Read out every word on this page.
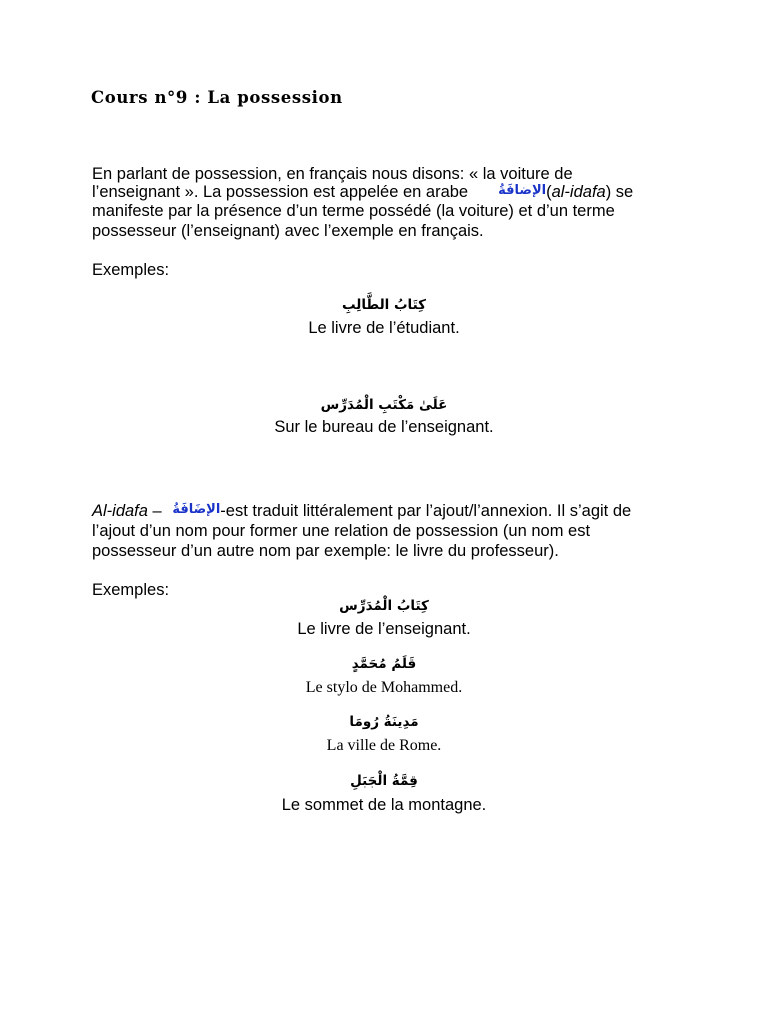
Cours n°9 : La possession
En parlant de possession, en français nous disons: « la voiture de
l’enseignant ». La possession est appelée en arabe الإضافَةُ(al-idafa) se
manifeste par la présence d’un terme possédé (la voiture) et d’un terme
possesseur (l’enseignant) avec l’exemple en français.
Exemples:
كِتَابُ الطَّالِبِ
Le livre de l’étudiant.
عَلَىٰ مَكْتَبِ الْمُدَرِّس
Sur le bureau de l’enseignant.
Al-idafa – الإضَافَةُ-est traduit littéralement par l’ajout/l’annexion. Il s’agit de
l’ajout d’un nom pour former une relation de possession (un nom est
possesseur d’un autre nom par exemple: le livre du professeur).
Exemples:
كِتَابُ الْمُدَرِّس
Le livre de l’enseignant.
قَلَمُ مُحَمَّدٍ
Le stylo de Mohammed.
مَدِينَةُ رُومَا
La ville de Rome.
قِمَّةُ الْجَبَلِ
Le sommet de la montagne.
